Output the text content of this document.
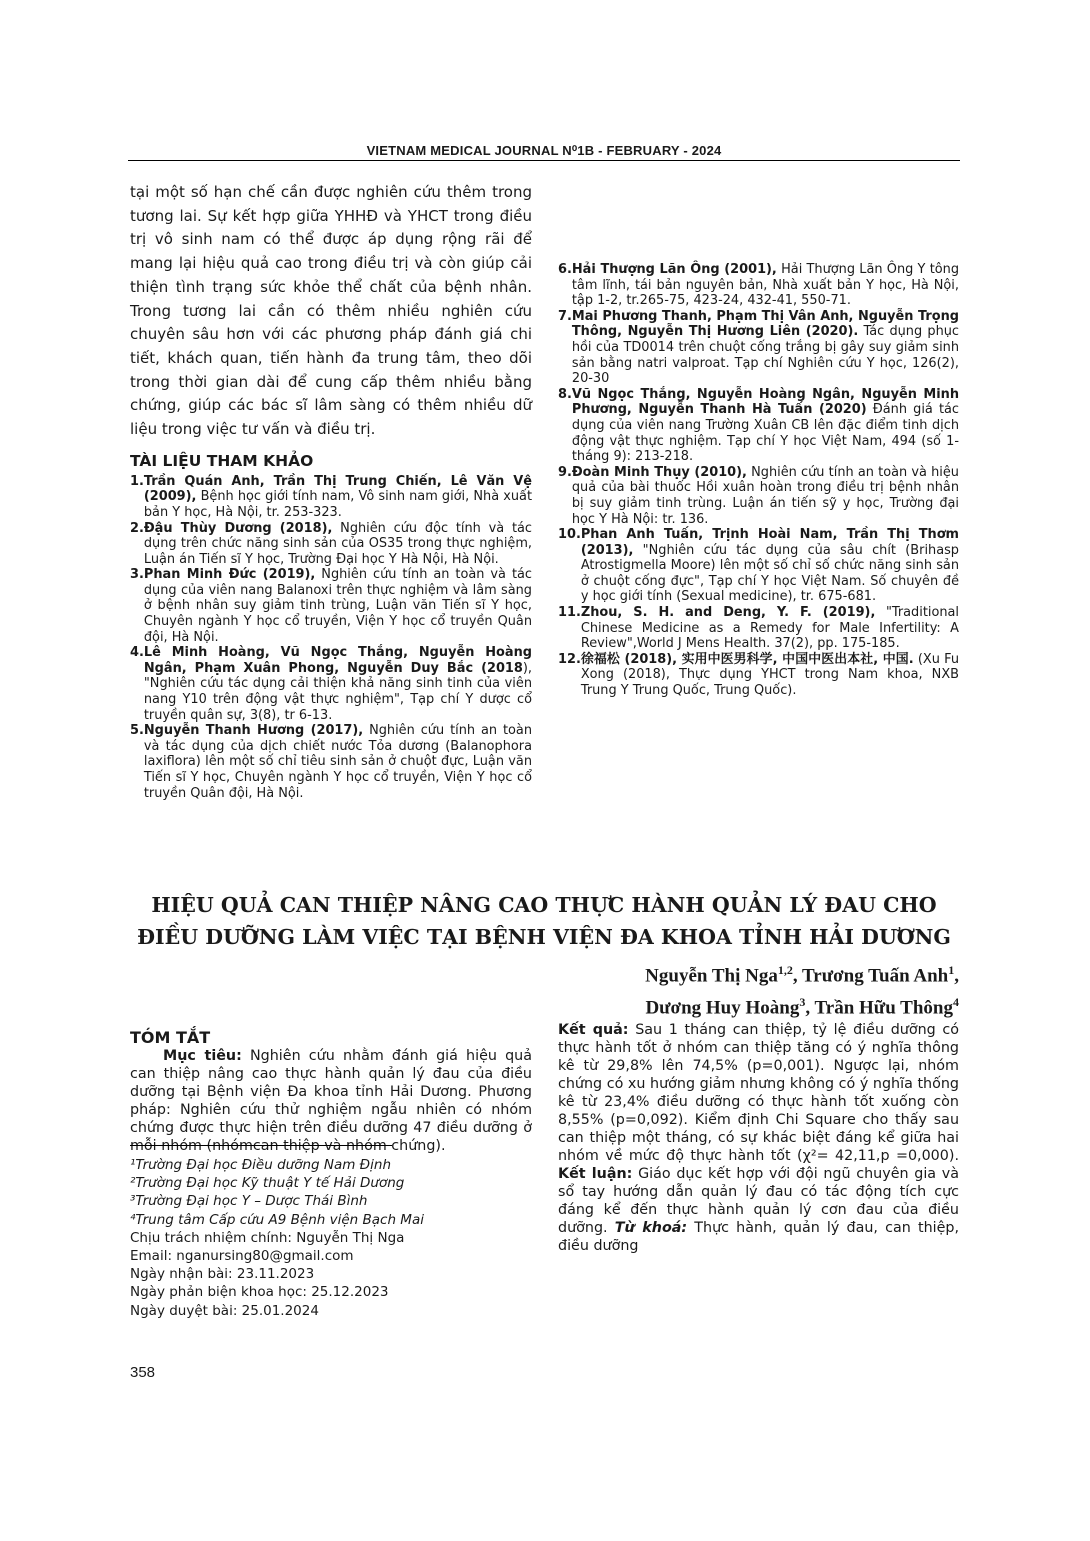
VIETNAM MEDICAL JOURNAL N⁰1B - FEBRUARY - 2024

tại một số hạn chế cần được nghiên cứu thêm trong tương lai. Sự kết hợp giữa YHHĐ và YHCT trong điều trị vô sinh nam có thể được áp dụng rộng rãi để mang lại hiệu quả cao trong điều trị và còn giúp cải thiện tình trạng sức khỏe thể chất của bệnh nhân. Trong tương lai cần có thêm nhiều nghiên cứu chuyên sâu hơn với các phương pháp đánh giá chi tiết, khách quan, tiến hành đa trung tâm, theo dõi trong thời gian dài để cung cấp thêm nhiều bằng chứng, giúp các bác sĩ lâm sàng có thêm nhiều dữ liệu trong việc tư vấn và điều trị.

TÀI LIỆU THAM KHẢO

1. Trần Quán Anh, Trần Thị Trung Chiến, Lê Văn Vệ (2009), Bệnh học giới tính nam, Vô sinh nam giới, Nhà xuất bản Y học, Hà Nội, tr. 253-323.
2. Đậu Thùy Dương (2018), Nghiên cứu độc tính và tác dụng trên chức năng sinh sản của OS35 trong thực nghiệm, Luận án Tiến sĩ Y học, Trường Đại học Y Hà Nội, Hà Nội.
3. Phan Minh Đức (2019), Nghiên cứu tính an toàn và tác dụng của viên nang Balanoxi trên thực nghiệm và lâm sàng ở bệnh nhân suy giảm tinh trùng, Luận văn Tiến sĩ Y học, Chuyên ngành Y học cổ truyền, Viện Y học cổ truyền Quân đội, Hà Nội.
4. Lê Minh Hoàng, Vũ Ngọc Thắng, Nguyễn Hoàng Ngân, Phạm Xuân Phong, Nguyễn Duy Bắc (2018), "Nghiên cứu tác dụng cải thiện khả năng sinh tinh của viên nang Y10 trên động vật thực nghiệm", Tạp chí Y dược cổ truyền quân sự, 3(8), tr 6-13.
5. Nguyễn Thanh Hương (2017), Nghiên cứu tính an toàn và tác dụng của dịch chiết nước Tỏa dương (Balanophora laxiflora) lên một số chỉ tiêu sinh sản ở chuột đực, Luận văn Tiến sĩ Y học, Chuyên ngành Y học cổ truyền, Viện Y học cổ truyền Quân đội, Hà Nội.
6. Hải Thượng Lãn Ông (2001), Hải Thượng Lãn Ông Y tông tâm lĩnh, tái bản nguyên bản, Nhà xuất bản Y học, Hà Nội, tập 1-2, tr.265-75, 423-24, 432-41, 550-71.
7. Mai Phương Thanh, Phạm Thị Vân Anh, Nguyễn Trọng Thông, Nguyễn Thị Hương Liên (2020). Tác dụng phục hồi của TD0014 trên chuột cống trắng bị gây suy giảm sinh sản bằng natri valproat. Tạp chí Nghiên cứu Y học, 126(2), 20-30
8. Vũ Ngọc Thắng, Nguyễn Hoàng Ngân, Nguyễn Minh Phương, Nguyễn Thanh Hà Tuấn (2020) Đánh giá tác dụng của viên nang Trường Xuân CB lên đặc điểm tinh dịch động vật thực nghiệm. Tạp chí Y học Việt Nam, 494 (số 1- tháng 9): 213-218.
9. Đoàn Minh Thụy (2010), Nghiên cứu tính an toàn và hiệu quả của bài thuốc Hồi xuân hoàn trong điều trị bệnh nhân bị suy giảm tinh trùng. Luận án tiến sỹ y học, Trường đại học Y Hà Nội: tr. 136.
10. Phan Anh Tuấn, Trịnh Hoài Nam, Trần Thị Thơm (2013), "Nghiên cứu tác dụng của sâu chít (Brihasp Atrostigmella Moore) lên một số chỉ số chức năng sinh sản ở chuột cống đực", Tạp chí Y học Việt Nam. Số chuyên đề y học giới tính (Sexual medicine), tr. 675-681.
11. Zhou, S. H. and Deng, Y. F. (2019), "Traditional Chinese Medicine as a Remedy for Male Infertility: A Review",World J Mens Health. 37(2), pp. 175-185.
12. 徐福松 (2018), 实用中医男科学, 中国中医出本社, 中国. (Xu Fu Xong (2018), Thực dụng YHCT trong Nam khoa, NXB Trung Y Trung Quốc, Trung Quốc).
HIỆU QUẢ CAN THIỆP NÂNG CAO THỰC HÀNH QUẢN LÝ ĐAU CHO
ĐIỀU DƯỠNG LÀM VIỆC TẠI BỆNH VIỆN ĐA KHOA TỈNH HẢI DƯƠNG
Nguyễn Thị Nga$^{1,2}$, Trương Tuấn Anh$^1$,
Dương Huy Hoàng$^3$, Trần Hữu Thông$^4$

TÓM TẮT

Mục tiêu: Nghiên cứu nhằm đánh giá hiệu quả can thiệp nâng cao thực hành quản lý đau của điều dưỡng tại Bệnh viện Đa khoa tỉnh Hải Dương. Phương pháp: Nghiên cứu thử nghiệm ngẫu nhiên có nhóm chứng được thực hiện trên điều dưỡng 47 điều dưỡng ở mỗi nhóm (nhómcan thiệp và nhóm chứng).

Kết quả: Sau 1 tháng can thiệp, tỷ lệ điều dưỡng có thực hành tốt ở nhóm can thiệp tăng có ý nghĩa thông kê từ 29,8% lên 74,5% (p=0,001). Ngược lại, nhóm chứng có xu hướng giảm nhưng không có ý nghĩa thống kê từ 23,4% điều dưỡng có thực hành tốt xuống còn 8,55% (p=0,092). Kiểm định Chi Square cho thấy sau can thiệp một tháng, có sự khác biệt đáng kể giữa hai nhóm về mức độ thực hành tốt (χ²= 42,11,p =0,000). Kết luận: Giáo dục kết hợp với đội ngũ chuyên gia và sổ tay hướng dẫn quản lý đau có tác động tích cực đáng kể đến thực hành quản lý cơn đau của điều dưỡng. Từ khoá: Thực hành, quản lý đau, can thiệp, điều dưỡng

¹Trường Đại học Điều dưỡng Nam Định

²Trường Đại học Kỹ thuật Y tế Hải Dương

³Trường Đại học Y – Dược Thái Bình

⁴Trung tâm Cấp cứu A9 Bệnh viện Bạch Mai

Chịu trách nhiệm chính: Nguyễn Thị Nga

Email: nganursing80@gmail.com

Ngày nhận bài: 23.11.2023

Ngày phản biện khoa học: 25.12.2023

Ngày duyệt bài: 25.01.2024

358
